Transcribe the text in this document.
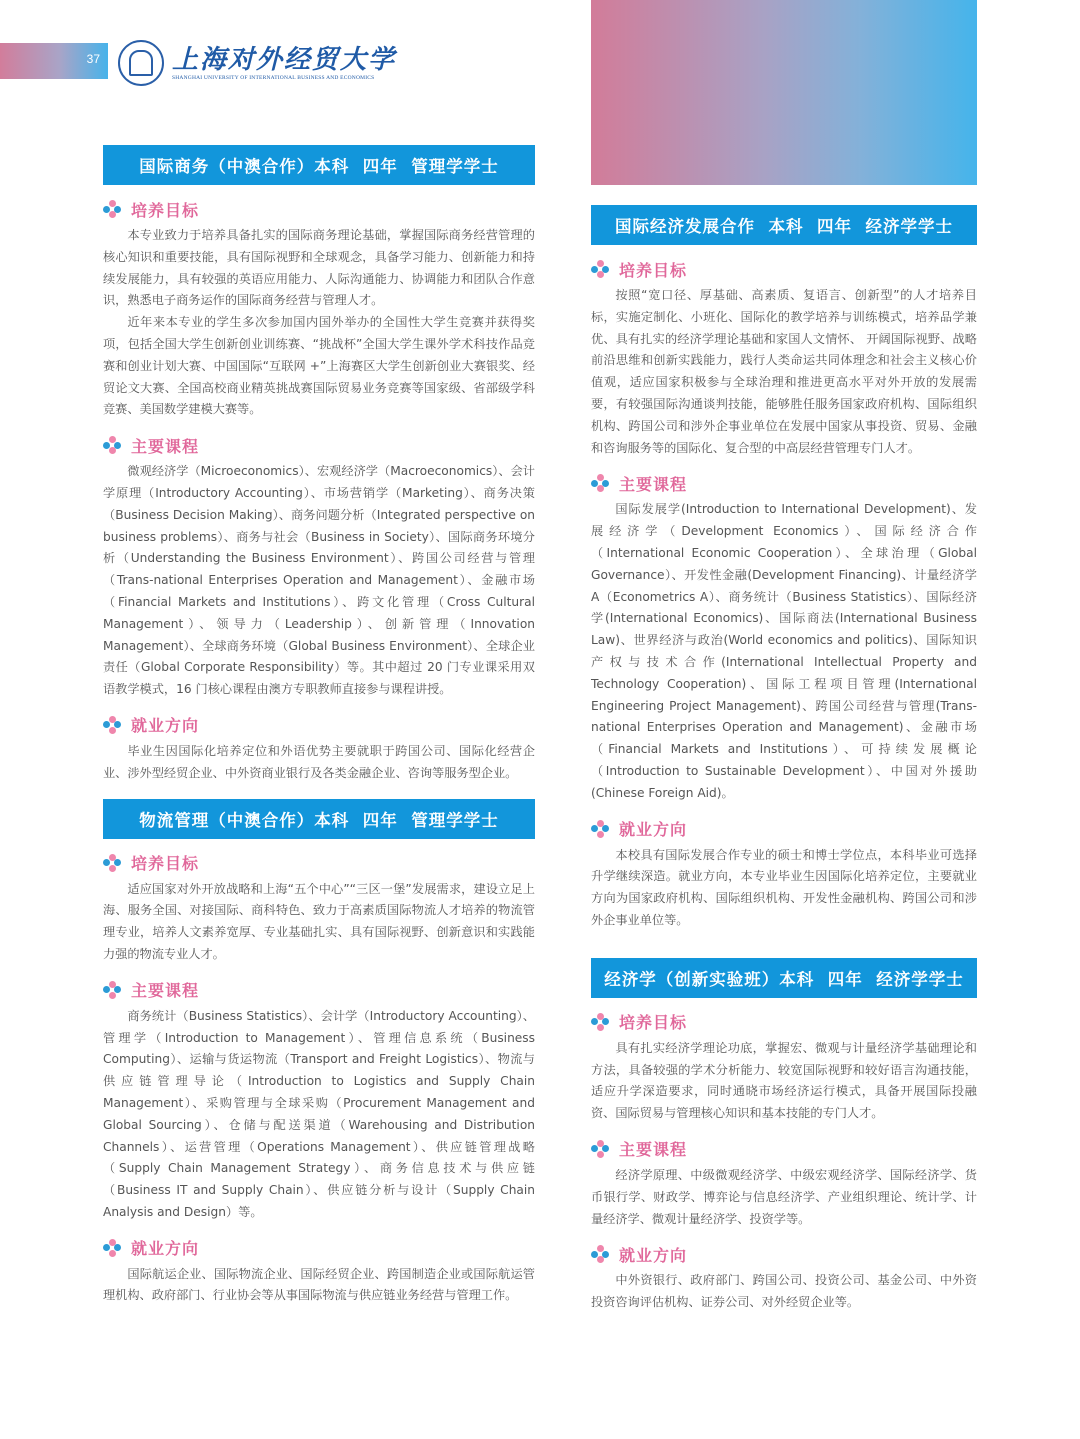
37	上海对外经贸大学
SHANGHAI UNIVERSITY OF INTERNATIONAL BUSINESS AND ECONOMICS
国际商务（中澳合作）本科  四年  管理学学士
培养目标

本专业致力于培养具备扎实的国际商务理论基础，掌握国际商务经营管理的核心知识和重要技能，具有国际视野和全球观念，具备学习能力、创新能力和持续发展能力，具有较强的英语应用能力、人际沟通能力、协调能力和团队合作意识，熟悉电子商务运作的国际商务经营与管理人才。

近年来本专业的学生多次参加国内国外举办的全国性大学生竞赛并获得奖项，包括全国大学生创新创业训练赛、“挑战杯”全国大学生课外学术科技作品竞赛和创业计划大赛、中国国际“互联网 +”上海赛区大学生创新创业大赛银奖、经贸论文大赛、全国高校商业精英挑战赛国际贸易业务竞赛等国家级、省部级学科竞赛、美国数学建模大赛等。

主要课程

微观经济学（Microeconomics）、宏观经济学（Macroeconomics）、会计学原理（Introductory Accounting）、市场营销学（Marketing）、商务决策（Business Decision Making）、商务问题分析（Integrated perspective on business problems）、商务与社会（Business in Society）、国际商务环境分析（Understanding the Business Environment）、跨国公司经营与管理（Trans-national Enterprises Operation and Management）、金融市场（Financial Markets and Institutions）、跨文化管理（Cross Cultural Management）、领导力（Leadership）、创新管理（Innovation Management）、全球商务环境（Global Business Environment）、全球企业责任（Global Corporate Responsibility）等。其中超过 20 门专业课采用双语教学模式，16 门核心课程由澳方专职教师直接参与课程讲授。

就业方向

毕业生因国际化培养定位和外语优势主要就职于跨国公司、国际化经营企业、涉外型经贸企业、中外资商业银行及各类金融企业、咨询等服务型企业。

物流管理（中澳合作）本科  四年  管理学学士
培养目标

适应国家对外开放战略和上海“五个中心”“三区一堡”发展需求，建设立足上海、服务全国、对接国际、商科特色、致力于高素质国际物流人才培养的物流管理专业，培养人文素养宽厚、专业基础扎实、具有国际视野、创新意识和实践能力强的物流专业人才。

主要课程

商务统计（Business Statistics）、会计学（Introductory Accounting）、管理学（Introduction to Management）、管理信息系统（Business Computing）、运输与货运物流（Transport and Freight Logistics）、物流与供应链管理导论（Introduction to Logistics and Supply Chain Management）、采购管理与全球采购（Procurement Management and Global Sourcing）、仓储与配送渠道（Warehousing and Distribution Channels）、运营管理（Operations Management）、供应链管理战略（Supply Chain Management Strategy）、商务信息技术与供应链（Business IT and Supply Chain）、供应链分析与设计（Supply Chain Analysis and Design）等。

就业方向

国际航运企业、国际物流企业、国际经贸企业、跨国制造企业或国际航运管理机构、政府部门、行业协会等从事国际物流与供应链业务经营与管理工作。

国际经济发展合作  本科  四年  经济学学士
培养目标

按照“宽口径、厚基础、高素质、复语言、创新型”的人才培养目标，实施定制化、小班化、国际化的教学培养与训练模式，培养品学兼优、具有扎实的经济学理论基础和家国人文情怀、 开阔国际视野、战略前沿思维和创新实践能力，践行人类命运共同体理念和社会主义核心价值观，适应国家积极参与全球治理和推进更高水平对外开放的发展需要，有较强国际沟通谈判技能，能够胜任服务国家政府机构、国际组织机构、跨国公司和涉外企事业单位在发展中国家从事投资、贸易、金融和咨询服务等的国际化、复合型的中高层经营管理专门人才。

主要课程

国际发展学(Introduction to International Development)、发展经济学（Development Economics）、国际经济合作（International Economic Cooperation）、全球治理（Global Governance）、开发性金融(Development Financing)、计量经济学A（Econometrics A）、商务统计（Business Statistics）、国际经济学(International Economics)、国际商法(International Business Law)、世界经济与政治(World economics and politics)、国际知识产权与技术合作(International Intellectual Property and Technology Cooperation)、国际工程项目管理(International Engineering Project Management)、跨国公司经营与管理(Trans-national Enterprises Operation and Management)、金融市场（Financial Markets and Institutions）、可持续发展概论（Introduction to Sustainable Development）、中国对外援助(Chinese Foreign Aid)。

就业方向

本校具有国际发展合作专业的硕士和博士学位点，本科毕业可选择升学继续深造。就业方向，本专业毕业生因国际化培养定位，主要就业方向为国家政府机构、国际组织机构、开发性金融机构、跨国公司和涉外企事业单位等。

经济学（创新实验班）本科  四年  经济学学士
培养目标

具有扎实经济学理论功底，掌握宏、微观与计量经济学基础理论和方法，具备较强的学术分析能力、较宽国际视野和较好语言沟通技能，适应升学深造要求，同时通晓市场经济运行模式，具备开展国际投融资、国际贸易与管理核心知识和基本技能的专门人才。

主要课程

经济学原理、中级微观经济学、中级宏观经济学、国际经济学、货币银行学、财政学、博弈论与信息经济学、产业组织理论、统计学、计量经济学、微观计量经济学、投资学等。

就业方向

中外资银行、政府部门、跨国公司、投资公司、基金公司、中外资投资咨询评估机构、证券公司、对外经贸企业等。
